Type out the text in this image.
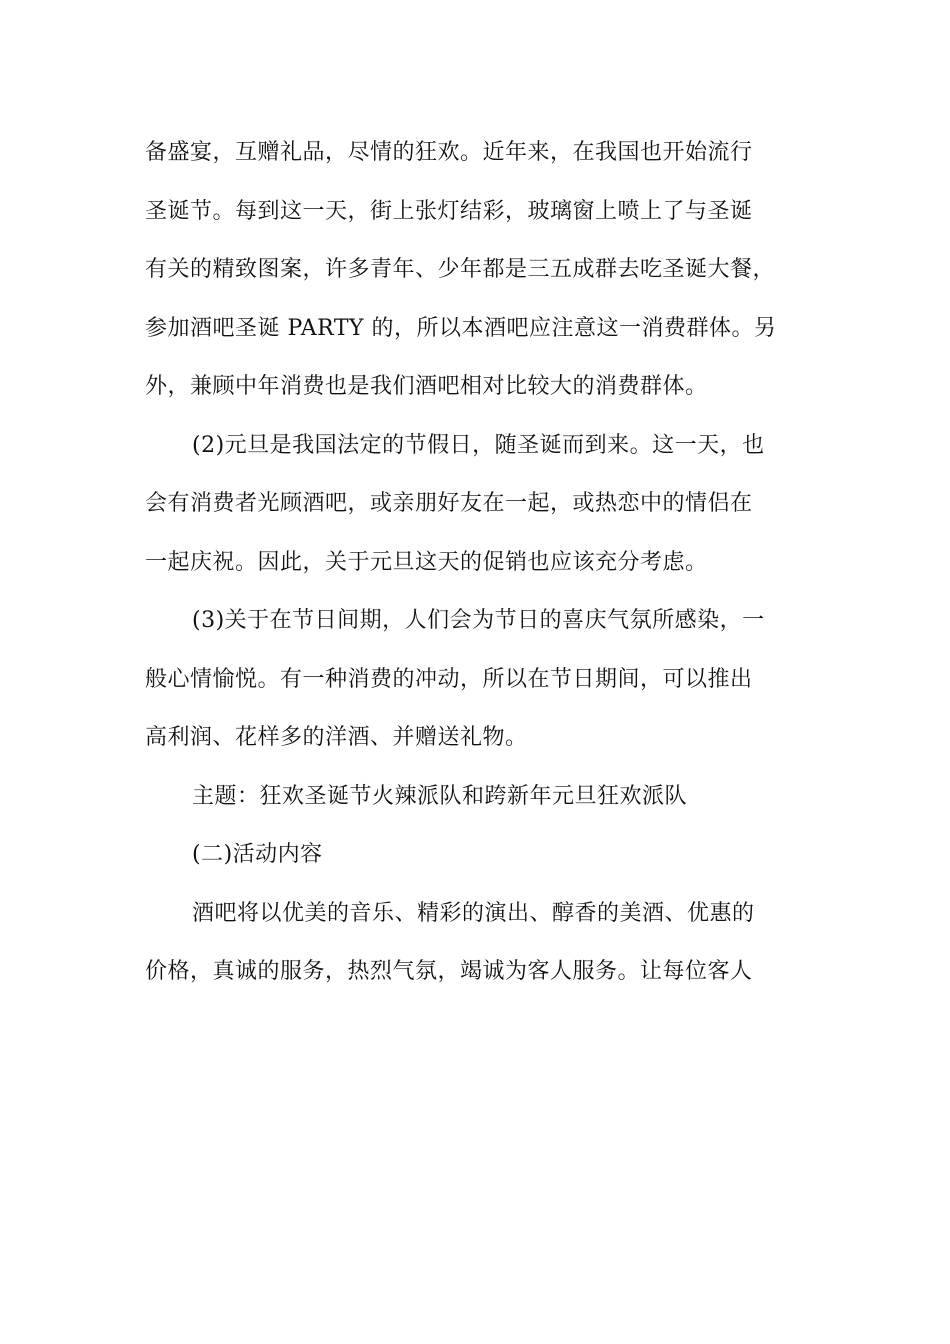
备盛宴，互赠礼品，尽情的狂欢。近年来，在我国也开始流行
圣诞节。每到这一天，街上张灯结彩，玻璃窗上喷上了与圣诞
有关的精致图案，许多青年、少年都是三五成群去吃圣诞大餐，
参加酒吧圣诞 PARTY 的，所以本酒吧应注意这一消费群体。另
外，兼顾中年消费也是我们酒吧相对比较大的消费群体。
(2)元旦是我国法定的节假日，随圣诞而到来。这一天，也
会有消费者光顾酒吧，或亲朋好友在一起，或热恋中的情侣在
一起庆祝。因此，关于元旦这天的促销也应该充分考虑。
(3)关于在节日间期，人们会为节日的喜庆气氛所感染，一
般心情愉悦。有一种消费的冲动，所以在节日期间，可以推出
高利润、花样多的洋酒、并赠送礼物。
主题：狂欢圣诞节火辣派队和跨新年元旦狂欢派队
(二)活动内容
酒吧将以优美的音乐、精彩的演出、醇香的美酒、优惠的
价格，真诚的服务，热烈气氛，竭诚为客人服务。让每位客人
